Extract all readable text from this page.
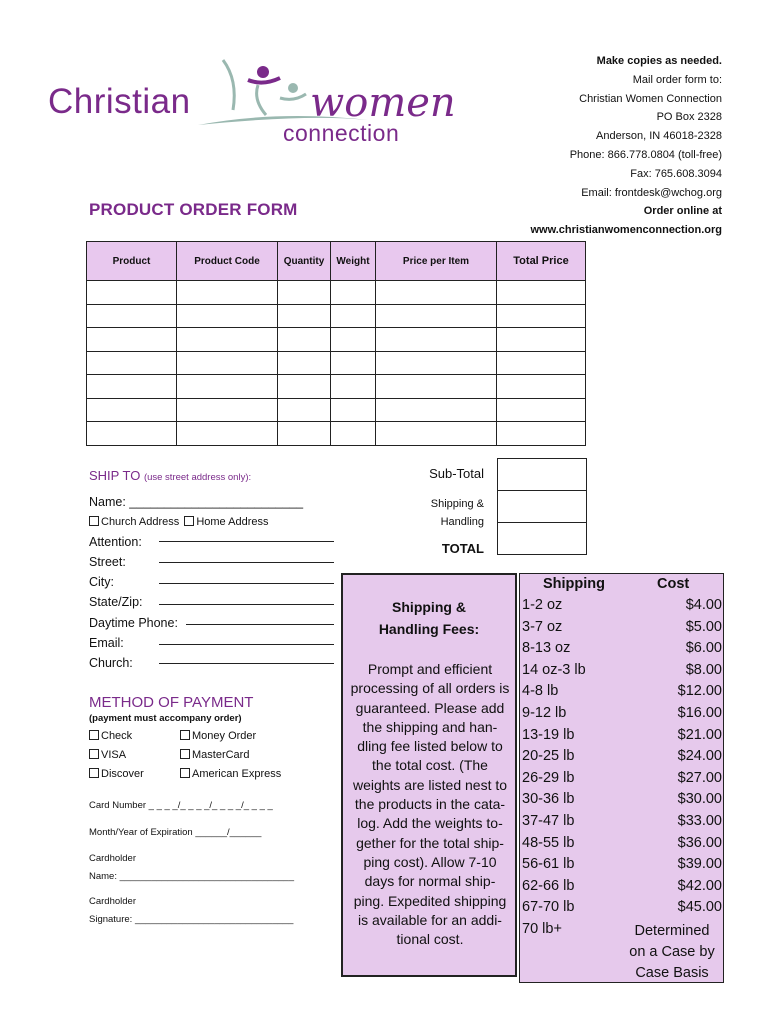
Christian	women
connection
Make copies as needed.
Mail order form to:
Christian Women Connection
PO Box 2328
Anderson, IN 46018-2328
Phone: 866.778.0804 (toll-free)
Fax: 765.608.3094
Email: frontdesk@wchog.org
Order online at
www.christianwomenconnection.org
PRODUCT ORDER FORM
Product	Product Code	Quantity	Weight	Price per Item	Total Price

SHIP TO (use street address only):
Name: _________________________
Church Address Home Address
Attention:
Street:
City:
State/Zip:
Daytime Phone:
Email:
Church:
Sub-Total
Shipping &
Handling
TOTAL
METHOD OF PAYMENT
(payment must accompany order)
Check	Money Order
VISA	MasterCard
Discover	American Express
Card Number _ _ _ _/_ _ _ _/_ _ _ _/_ _ _ _
Month/Year of Expiration ______/______
Cardholder
Name: _________________________________
Cardholder
Signature: ______________________________
Shipping &
Handling Fees:
Prompt and efficient
processing of all orders is
guaranteed. Please add
the shipping and han-
dling fee listed below to
the total cost. (The
weights are listed nest to
the products in the cata-
log. Add the weights to-
gether for the total ship-
ping cost). Allow 7-10
days for normal ship-
ping. Expedited shipping
is available for an addi-
tional cost.
Shipping	Cost
1-2 oz	$4.00
3-7 oz	$5.00
8-13 oz	$6.00
14 oz-3 lb	$8.00
4-8 lb	$12.00
9-12 lb	$16.00
13-19 lb	$21.00
20-25 lb	$24.00
26-29 lb	$27.00
30-36 lb	$30.00
37-47 lb	$33.00
48-55 lb	$36.00
56-61 lb	$39.00
62-66 lb	$42.00
67-70 lb	$45.00
70 lb+	Determined
on a Case by
Case Basis
